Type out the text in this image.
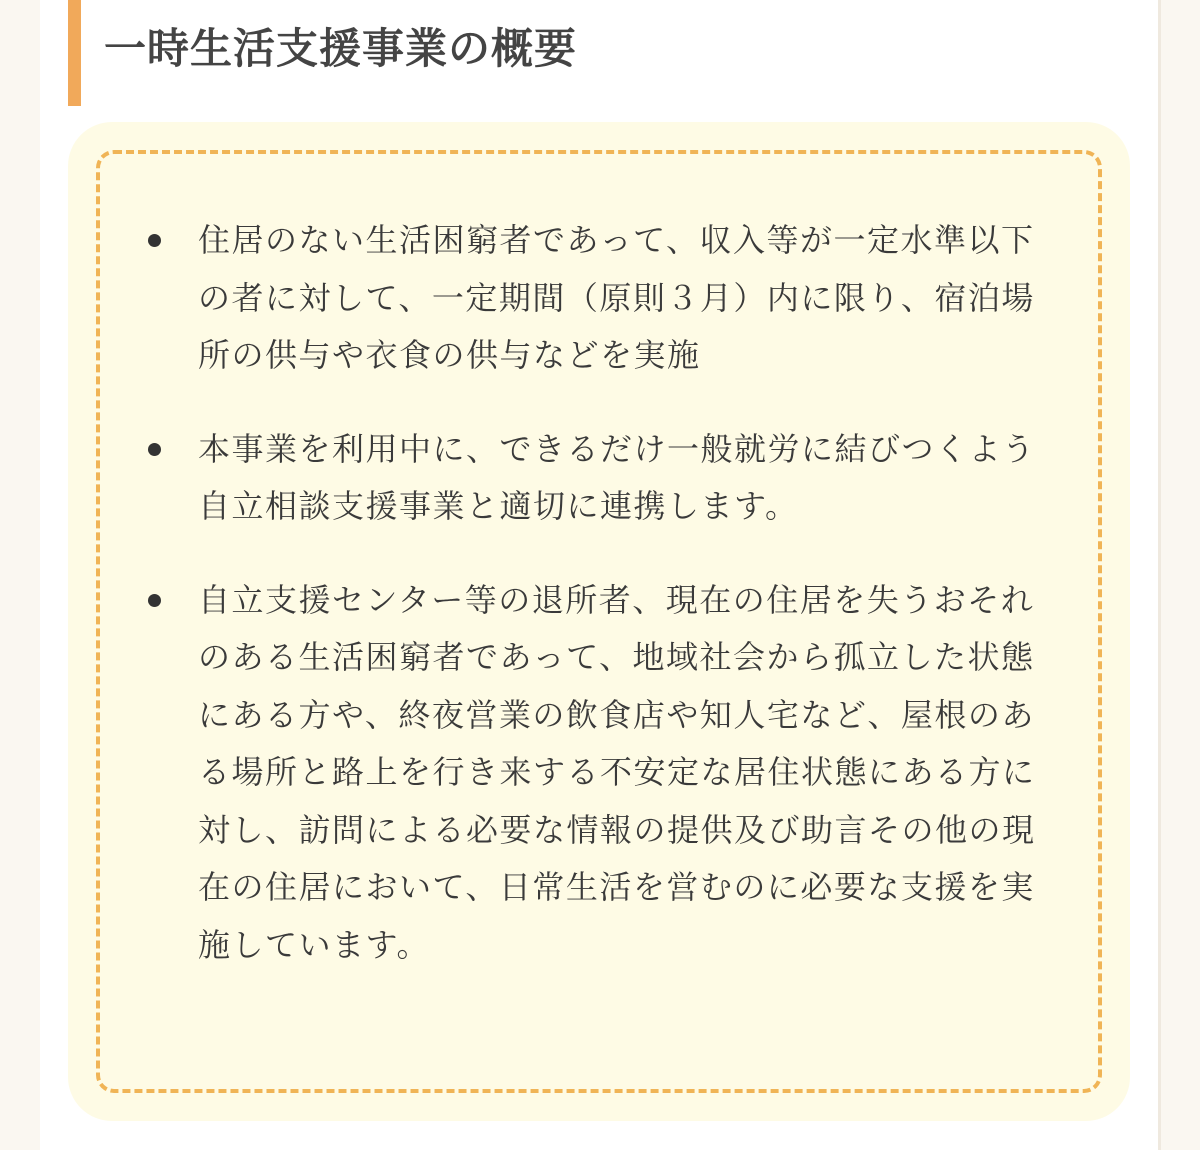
一時生活支援事業の概要
住居のない生活困窮者であって、収入等が一定水準以下の者に対して、一定期間（原則３月）内に限り、宿泊場所の供与や衣食の供与などを実施
本事業を利用中に、できるだけ一般就労に結びつくよう自立相談支援事業と適切に連携します。
自立支援センター等の退所者、現在の住居を失うおそれのある生活困窮者であって、地域社会から孤立した状態にある方や、終夜営業の飲食店や知人宅など、屋根のある場所と路上を行き来する不安定な居住状態にある方に対し、訪問による必要な情報の提供及び助言その他の現在の住居において、日常生活を営むのに必要な支援を実施しています。
